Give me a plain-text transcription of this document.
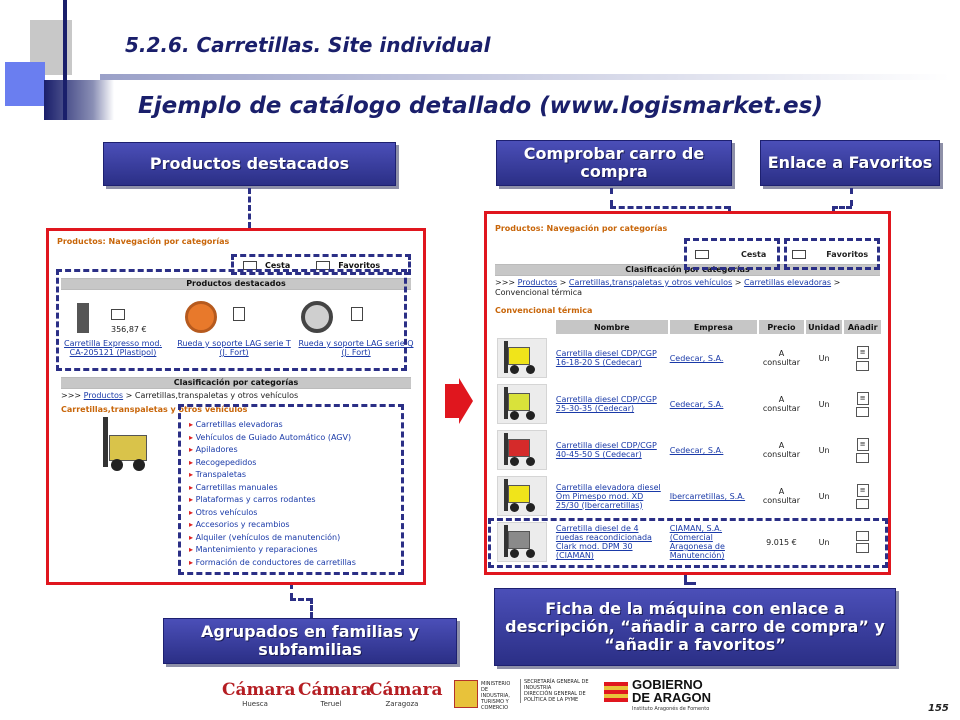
5.2.6. Carretillas. Site individual
Ejemplo de catálogo detallado (www.logismarket.es)
Productos destacados
Comprobar carro de compra	Enlace a Favoritos
Agrupados en familias y subfamilias
Ficha de la máquina con enlace a descripción, “añadir a carro de compra” y “añadir a favoritos”
Productos: Navegación por categorías
Cesta	Favoritos
Productos destacados
356,87 €
Carretilla Expresso mod. CA-205121 (Plastipol)
Rueda y soporte LAG serie T (J. Fort)
Rueda y soporte LAG serie Q (J. Fort)
Clasificación por categorías
>>> Productos > Carretillas,transpaletas y otros vehículos
Carretillas,transpaletas y otros vehículos
▸ Carretillas elevadoras
▸ Vehículos de Guiado Automático (AGV)
▸ Apiladores
▸ Recogepedidos
▸ Transpaletas
▸ Carretillas manuales
▸ Plataformas y carros rodantes
▸ Otros vehículos
▸ Accesorios y recambios
▸ Alquiler (vehículos de manutención)
▸ Mantenimiento y reparaciones
▸ Formación de conductores de carretillas
Productos: Navegación por categorías
Cesta	Favoritos
Clasificación por categorías
>>> Productos > Carretillas,transpaletas y otros vehículos > Carretillas elevadoras > Convencional térmica
Convencional térmica
	Nombre	Empresa	Precio	Unidad	Añadir

	Carretilla diesel CDP/CGP 16-18-20 S (Cedecar)	Cedecar, S.A.	A consultar	Un	≡

	Carretilla diesel CDP/CGP 25-30-35 (Cedecar)	Cedecar, S.A.	A consultar	Un	≡

	Carretilla diesel CDP/CGP 40-45-50 S (Cedecar)	Cedecar, S.A.	A consultar	Un	≡

	Carretilla elevadora diesel Om Pimespo mod. XD 25/30 (Ibercarretillas)	Ibercarretillas, S.A.	A consultar	Un	≡

	Carretilla diesel de 4 ruedas reacondicionada Clark mod. DPM 30 (CIAMAN)	CIAMAN, S.A. (Comercial Aragonesa de Manutención)	9.015 €	Un	
Cámara
Huesca
Cámara
Teruel
Cámara
Zaragoza
MINISTERIO DE INDUSTRIA, TURISMO Y COMERCIO
SECRETARÍA GENERAL DE INDUSTRIA
DIRECCIÓN GENERAL DE POLÍTICA DE LA PYME
GOBIERNO DE ARAGON
Instituto Aragonés de Fomento	155
